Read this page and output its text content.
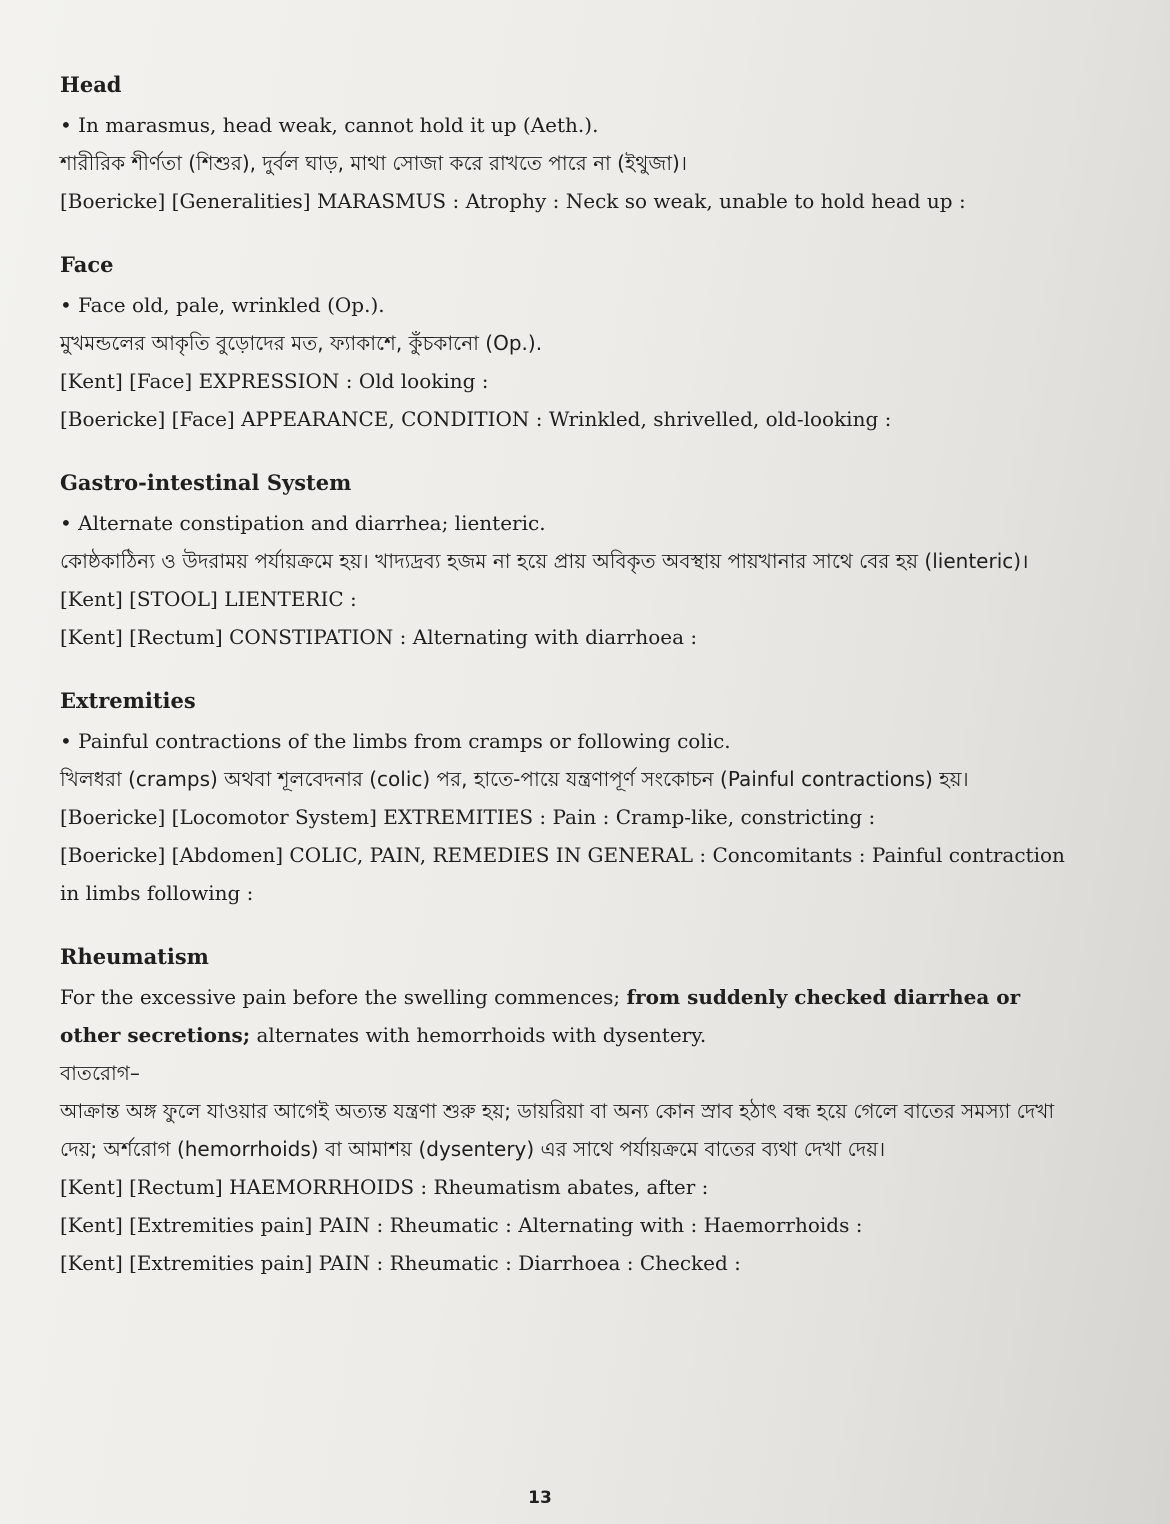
Head

• In marasmus, head weak, cannot hold it up (Aeth.).

শারীরিক শীর্ণতা (শিশুর), দুর্বল ঘাড়, মাথা সোজা করে রাখতে পারে না (ইথুজা)।

[Boericke] [Generalities] MARASMUS : Atrophy : Neck so weak, unable to hold head up :

Face

• Face old, pale, wrinkled (Op.).

মুখমন্ডলের আকৃতি বুড়োদের মত, ফ্যাকাশে, কুঁচকানো (Op.).

[Kent] [Face] EXPRESSION : Old looking :

[Boericke] [Face] APPEARANCE, CONDITION : Wrinkled, shrivelled, old-looking :

Gastro-intestinal System

• Alternate constipation and diarrhea; lienteric.

কোষ্ঠকাঠিন্য ও উদরাময় পর্যায়ক্রমে হয়। খাদ্যদ্রব্য হজম না হয়ে প্রায় অবিকৃত অবস্থায় পায়খানার সাথে বের হয় (lienteric)।

[Kent] [STOOL] LIENTERIC :

[Kent] [Rectum] CONSTIPATION : Alternating with diarrhoea :

Extremities

• Painful contractions of the limbs from cramps or following colic.

খিলধরা (cramps) অথবা শূলবেদনার (colic) পর, হাতে-পায়ে যন্ত্রণাপূর্ণ সংকোচন (Painful contractions) হয়।

[Boericke] [Locomotor System] EXTREMITIES : Pain : Cramp-like, constricting :

[Boericke] [Abdomen] COLIC, PAIN, REMEDIES IN GENERAL : Concomitants : Painful contraction in limbs following :

Rheumatism

For the excessive pain before the swelling commences; from suddenly checked diarrhea or other secretions; alternates with hemorrhoids with dysentery.

বাতরোগ–

আক্রান্ত অঙ্গ ফুলে যাওয়ার আগেই অত্যন্ত যন্ত্রণা শুরু হয়; ডায়রিয়া বা অন্য কোন স্রাব হঠাৎ বন্ধ হয়ে গেলে বাতের সমস্যা দেখা দেয়; অর্শরোগ (hemorrhoids) বা আমাশয় (dysentery) এর সাথে পর্যায়ক্রমে বাতের ব্যথা দেখা দেয়।

[Kent] [Rectum] HAEMORRHOIDS : Rheumatism abates, after :

[Kent] [Extremities pain] PAIN : Rheumatic : Alternating with : Haemorrhoids :

[Kent] [Extremities pain] PAIN : Rheumatic : Diarrhoea : Checked :

13
